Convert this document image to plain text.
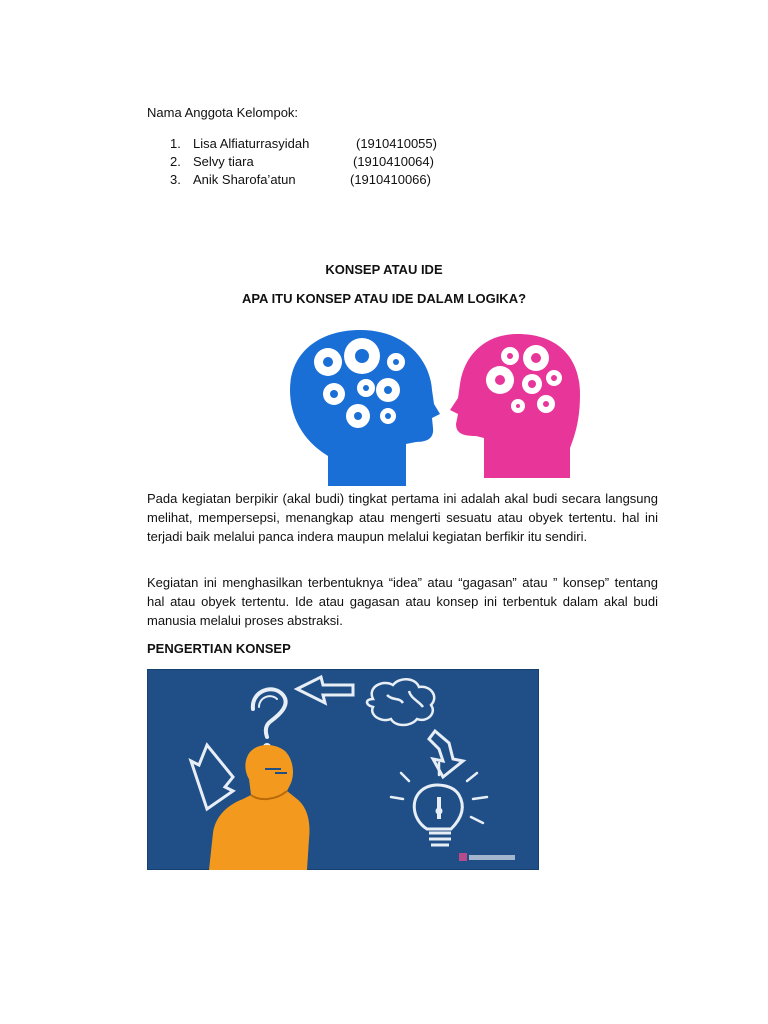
Nama Anggota Kelompok:
1. Lisa Alfiaturrasyidah	(1910410055)
2. Selvy tiara	(1910410064)
3. Anik Sharofa’atun	(1910410066)
KONSEP ATAU IDE
APA ITU KONSEP ATAU IDE DALAM LOGIKA?

Pada kegiatan berpikir (akal budi) tingkat pertama ini adalah akal budi secara langsung melihat, mempersepsi, menangkap atau mengerti sesuatu atau obyek tertentu. hal ini terjadi baik melalui panca indera maupun melalui kegiatan berfikir itu sendiri.

Kegiatan ini menghasilkan terbentuknya “idea” atau “gagasan” atau ” konsep” tentang hal atau obyek tertentu. Ide atau gagasan atau konsep ini terbentuk dalam akal budi manusia melalui proses abstraksi.

PENGERTIAN KONSEP
